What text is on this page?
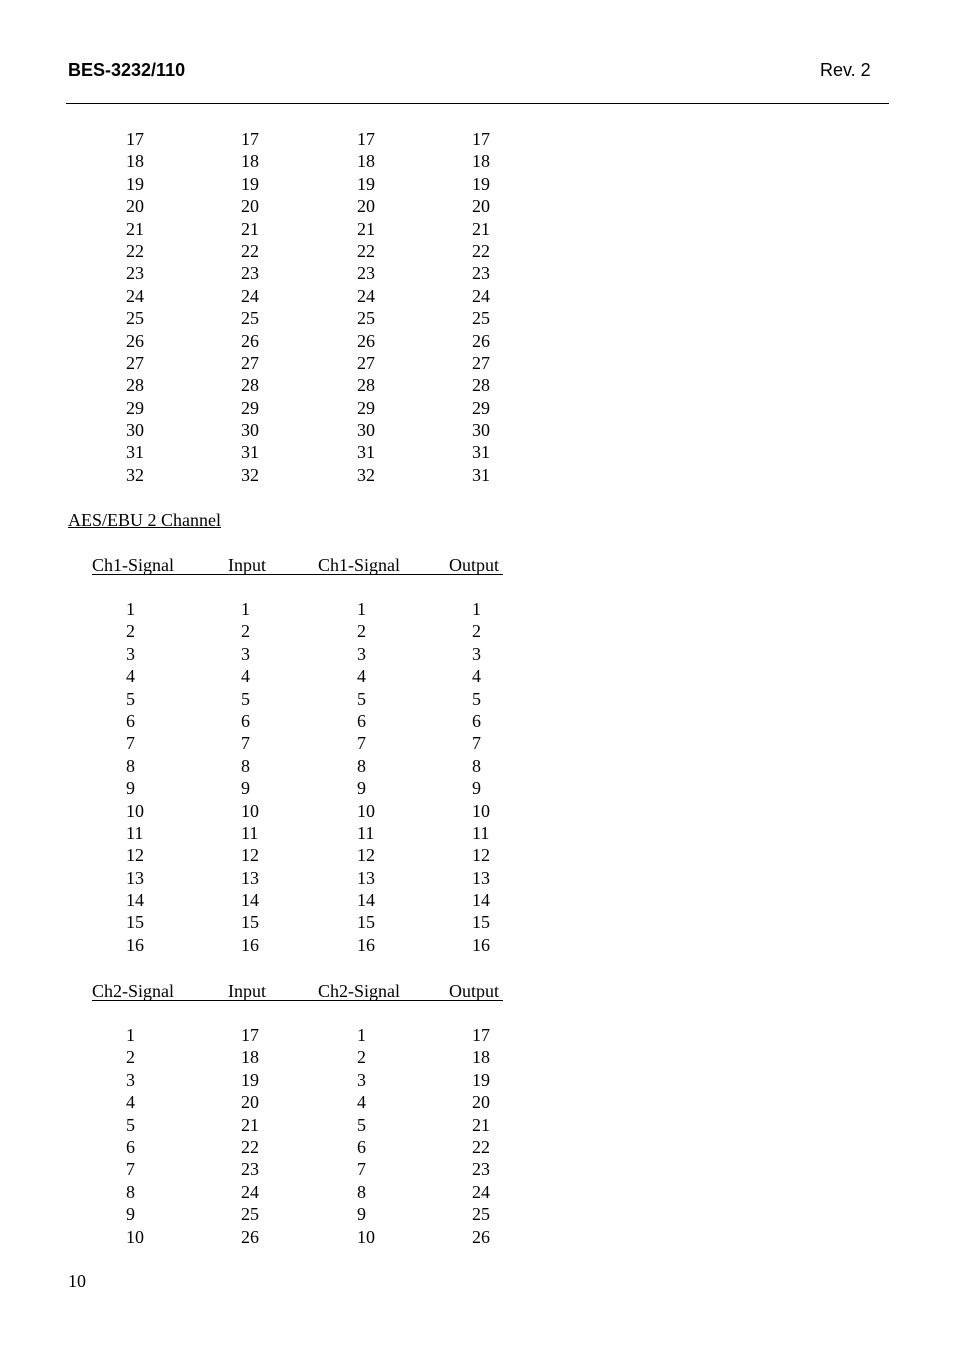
BES-3232/110	Rev. 2
17	17	17	17
18	18	18	18
19	19	19	19
20	20	20	20
21	21	21	21
22	22	22	22
23	23	23	23
24	24	24	24
25	25	25	25
26	26	26	26
27	27	27	27
28	28	28	28
29	29	29	29
30	30	30	30
31	31	31	31
32	32	32	31
AES/EBU 2 Channel
Ch1-Signal	Input	Ch1-Signal	Output
1	1	1	1
2	2	2	2
3	3	3	3
4	4	4	4
5	5	5	5
6	6	6	6
7	7	7	7
8	8	8	8
9	9	9	9
10	10	10	10
11	11	11	11
12	12	12	12
13	13	13	13
14	14	14	14
15	15	15	15
16	16	16	16
Ch2-Signal	Input	Ch2-Signal	Output
1	17	1	17
2	18	2	18
3	19	3	19
4	20	4	20
5	21	5	21
6	22	6	22
7	23	7	23
8	24	8	24
9	25	9	25
10	26	10	26
10
